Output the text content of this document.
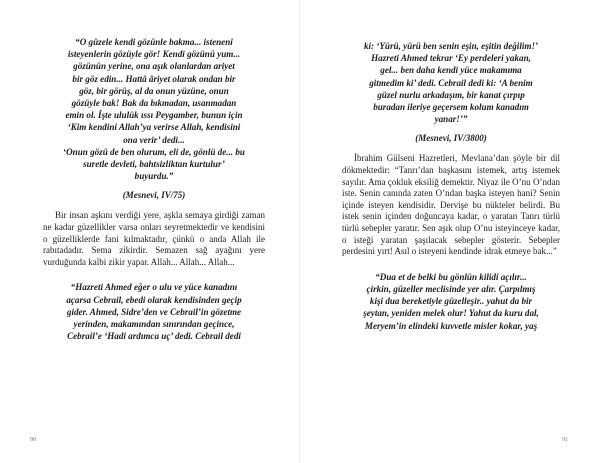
“O güzele kendi gözünle bakma... isteneni
isteyenlerin gözüyle gör! Kendi gözünü yum...
gözünün yerine, ona aşık olanlardan ariyet
bir göz edin... Hattâ âriyet olarak ondan bir
göz, bir görüş, al da onun yüzüne, onun
gözüyle bak! Bak da bıkmadan, usanmadan
emin ol. İşte ululük ıssı Peygamber, bunun için
‘Kim kendini Allah’ya verirse Allah, kendisini
ona verir’ dedi...
‘Onun gözü de ben olurum, eli de, gönlü de... bu
suretle devleti, bahtsizliktan kurtulur’
buyurdu.”
(Mesnevi, IV/75)

Bir insan aşkını verdiği yere, aşkla semaya girdiği zaman ne kadar güzellikler varsa onları seyretmektedir ve kendisini o güzelliklerde fani kılmaktadır, çünkü o anda Allah ile rabıtadadır. Sema zikirdir. Semazen sağ ayağını yere vurduğunda kalbi zikir yapar. Allah... Allah... Allah...

“Hazreti Ahmed eğer o ulu ve yüce kanadını
açarsa Cebrail, ebedi olarak kendisinden geçip
gider. Ahmed, Sidre’den ve Cebrail’in gözetme
yerinden, makamından sınırından geçince,
Cebrail’e ‘Hadi ardımca uç’ dedi. Cebrail dedi
90
ki: ‘Yürü, yürü ben senin eşin, eşitin değilim!’
Hazreti Ahmed tekrar ‘Ey perdeleri yakan,
gel... ben daha kendi yüce makamıma
gitmedim ki’ dedi. Cebrail dedi ki: ‘A benim
güzel nurlu arkadaşım, bir kanat çırpıp
buradan ileriye geçersem kolum kanadım
yanar!’”
(Mesnevi, IV/3800)

İbrahim Gülseni Hazretleri, Mevlana’dan şöyle bir dil dökmektedir: “Tanrı’dan başkasını istemek, artış istemek sayılır. Ama çokluk eksiliğ demektir. Niyaz ile O’nu O’ndan iste. Senin canında zaten O’ndan başka isteyen hani? Senin içinde isteyen kendisidir. Dervişe bu nükteler belirdi. Bu istek senin içinden doğuncaya kadar, o yaratan Tanrı türlü türlü sebepler yaratır. Sen aşık olup O’nu isteyinceye kadar, o isteği yaratan şaşılacak sebepler gösterir. Sebepler perdesini yırt! Asıl o isteyeni kendinde idrak etmeye bak...”

“Dua et de belki bu gönlün kilidi açılır...
çirkin, güzeller meclisinde yer alır. Çarpılmış
kişi dua bereketiyle güzelleşir.. yahut da bir
şeytan, yeniden melek olur! Yahut da kuru dal,
Meryem’in elindeki kuvvetle misler kokar, yaş
91
